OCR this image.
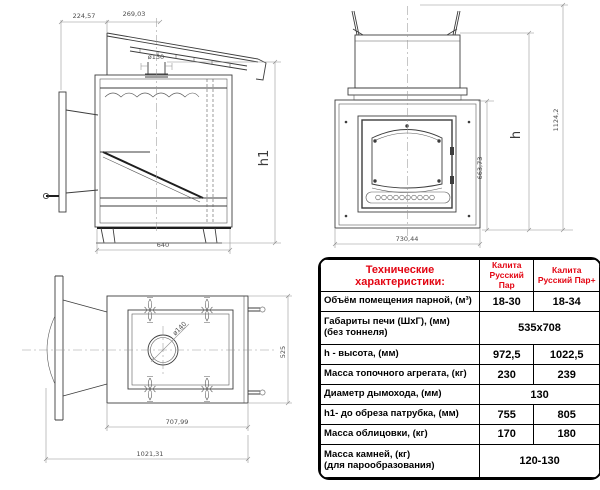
224,57	269,03
ø130
640
h1	663,73
h
1124,2
730,44
ø140
525
707,99
1021,31
Технические характеристики:	Калита Русский Пар	Калита Русский Пар+
Объём помещения парной, (м³)	18-30	18-34

Габариты печи (ШхГ), (мм)
(без тоннеля)	535x708	
h - высота, (мм)	972,5	1022,5
Масса топочного агрегата, (кг)	230	239
Диаметр дымохода, (мм)	130	
h1- до обреза патрубка, (мм)	755	805
Масса облицовки, (кг)	170	180

Масса камней, (кг)
(для парообразования)	120-130	
